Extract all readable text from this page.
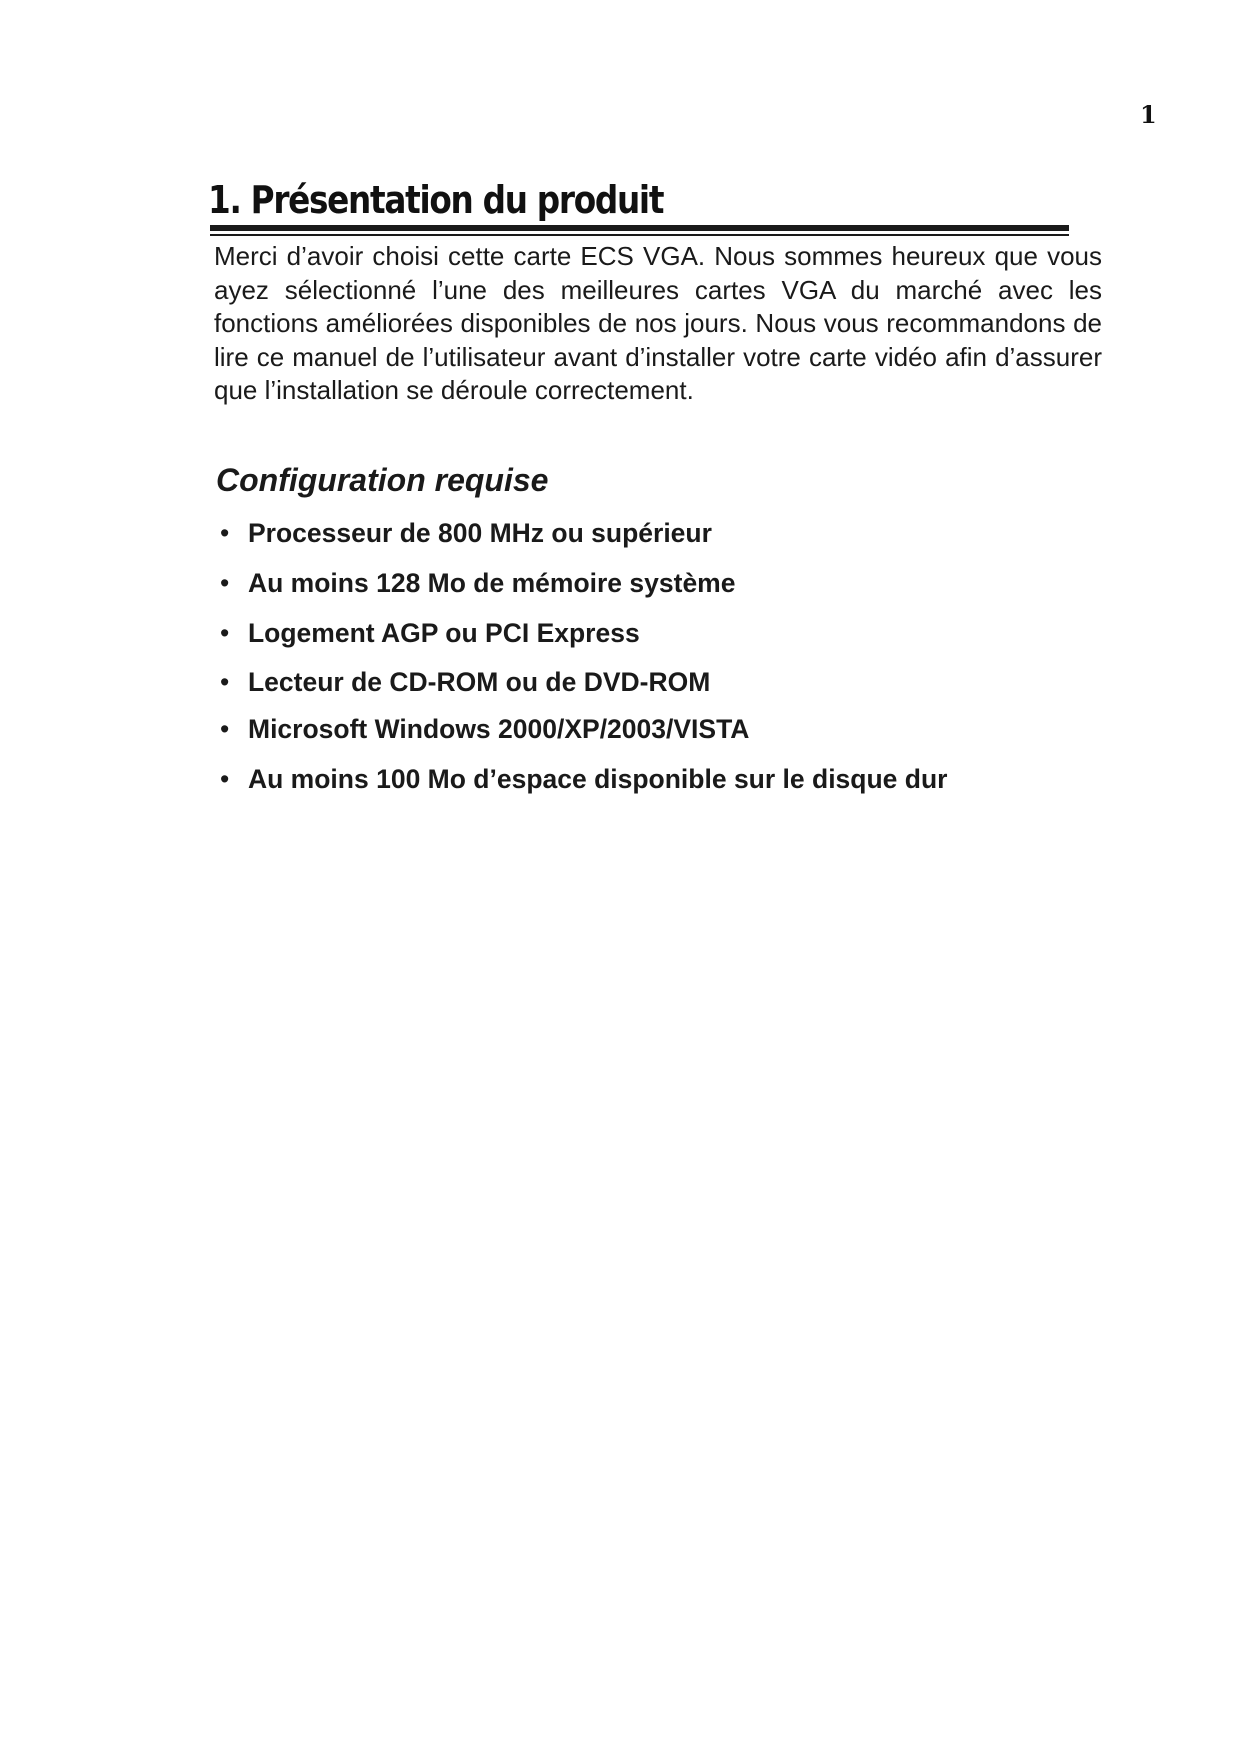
1
1. Présentation du produit

Merci d’avoir choisi cette carte ECS VGA. Nous sommes heureux que vous ayez sélectionné l’une des meilleures cartes VGA du marché avec les fonctions améliorées disponibles de nos jours. Nous vous recommandons de lire ce manuel de l’utilisateur avant d’installer votre carte vidéo afin d’assurer que l’installation se déroule correctement.

Configuration requise
• Processeur de 800 MHz ou supérieur
• Au moins 128 Mo de mémoire système
• Logement AGP ou PCI Express
• Lecteur de CD-ROM ou de DVD-ROM
• Microsoft Windows 2000/XP/2003/VISTA
• Au moins 100 Mo d’espace disponible sur le disque dur
